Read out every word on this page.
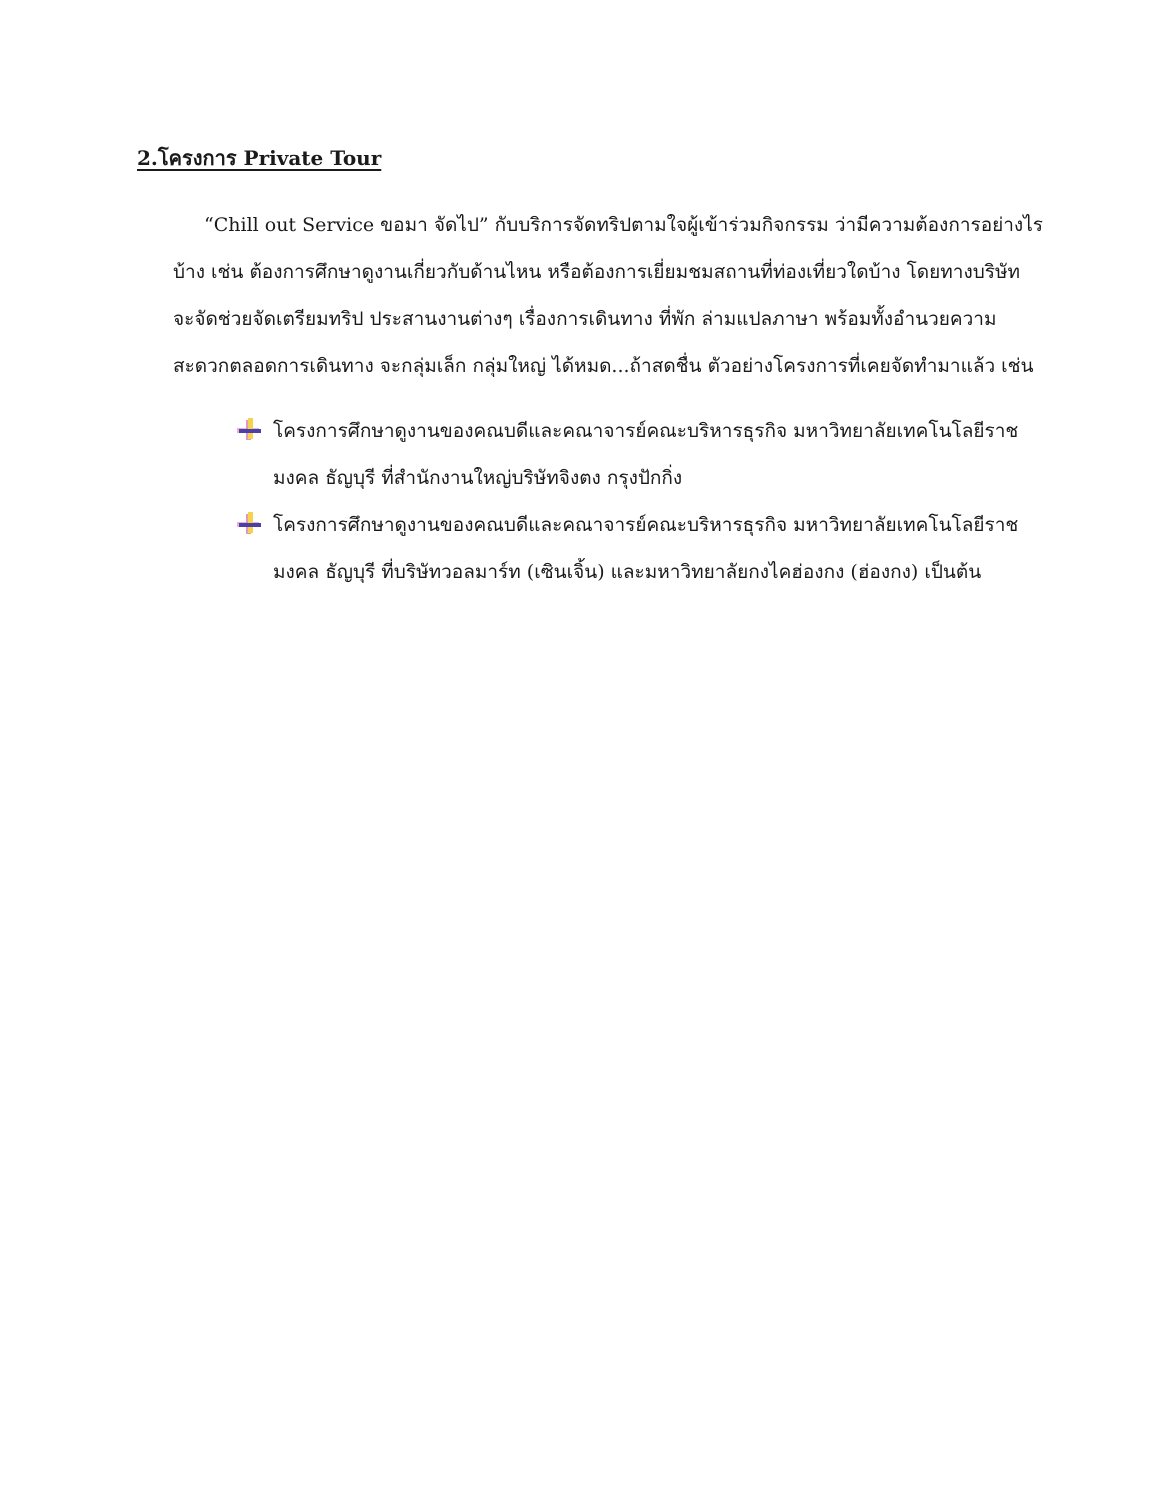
2.โครงการ Private Tour
“Chill out Service ขอมา จัดไป” กับบริการจัดทริปตามใจผู้เข้าร่วมกิจกรรม ว่ามีความต้องการอย่างไร
บ้าง เช่น ต้องการศึกษาดูงานเกี่ยวกับด้านไหน หรือต้องการเยี่ยมชมสถานที่ท่องเที่ยวใดบ้าง โดยทางบริษัท
จะจัดช่วยจัดเตรียมทริป ประสานงานต่างๆ เรื่องการเดินทาง ที่พัก ล่ามแปลภาษา พร้อมทั้งอำนวยความ
สะดวกตลอดการเดินทาง จะกลุ่มเล็ก กลุ่มใหญ่ ได้หมด...ถ้าสดชื่น ตัวอย่างโครงการที่เคยจัดทำมาแล้ว เช่น
โครงการศึกษาดูงานของคณบดีและคณาจารย์คณะบริหารธุรกิจ มหาวิทยาลัยเทคโนโลยีราช
มงคล ธัญบุรี ที่สำนักงานใหญ่บริษัทจิงตง กรุงปักกิ่ง
โครงการศึกษาดูงานของคณบดีและคณาจารย์คณะบริหารธุรกิจ มหาวิทยาลัยเทคโนโลยีราช
มงคล ธัญบุรี ที่บริษัทวอลมาร์ท (เซินเจิ้น) และมหาวิทยาลัยกงไคฮ่องกง (ฮ่องกง) เป็นต้น
